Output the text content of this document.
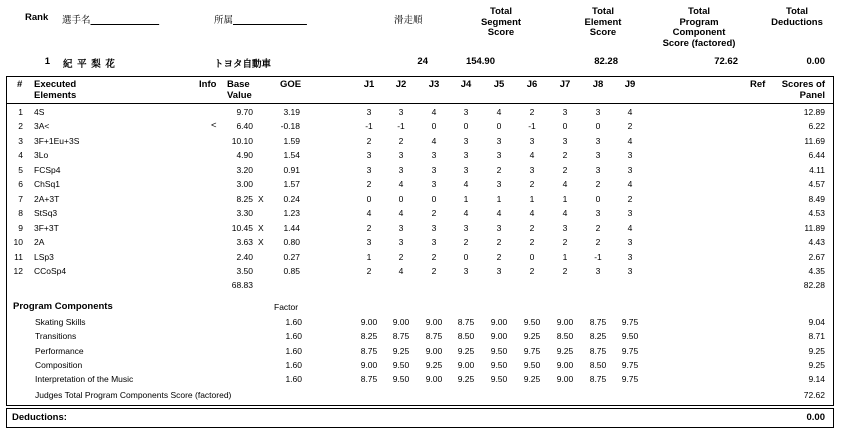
Rank 選手名	所属	滑走順
Total
Segment
Score
Total
Element
Score
Total
Program
Component
Score (factored)
Total
Deductions
1 紀 平 梨 花	トヨタ自動車	24	154.90	82.28	72.62	0.00
# Executed
Elements
Info Base
Value
GOE	J1	J2	J3	J4	J5	J6	J7	J8	J9	Ref	Scores of
Panel
1 4S	9.70	3.19	3	3	4	3	4	2	3	3	4	12.89
2 3A<	<	6.40	-0.18	-1	-1	0	0	0	-1	0	0	2	6.22
3 3F+1Eu+3S	10.10	1.59	2	2	4	3	3	3	3	3	4	11.69
4 3Lo	4.90	1.54	3	3	3	3	3	4	2	3	3	6.44
5 FCSp4	3.20	0.91	3	3	3	3	2	3	2	3	3	4.11
6 ChSq1	3.00	1.57	2	4	3	4	3	2	4	2	4	4.57
7 2A+3T	8.25 X	0.24	0	0	0	1	1	1	1	0	2	8.49
8 StSq3	3.30	1.23	4	4	2	4	4	4	4	3	3	4.53
9 3F+3T	10.45 X	1.44	2	3	3	3	3	2	3	2	4	11.89
10 2A	3.63 X	0.80	3	3	3	2	2	2	2	2	3	4.43
11 LSp3	2.40	0.27	1	2	2	0	2	0	1	-1	3	2.67
12 CCoSp4	3.50	0.85	2	4	2	3	3	2	2	3	3	4.35
68.83	82.28
Program Components	Factor
Skating Skills	1.60	9.00	9.00	9.00	8.75	9.00	9.50	9.00	8.75	9.75	9.04
Transitions	1.60	8.25	8.75	8.75	8.50	9.00	9.25	8.50	8.25	9.50	8.71
Performance	1.60	8.75	9.25	9.00	9.25	9.50	9.75	9.25	8.75	9.75	9.25
Composition	1.60	9.00	9.50	9.25	9.00	9.50	9.50	9.00	8.50	9.75	9.25
Interpretation of the Music	1.60	8.75	9.50	9.00	9.25	9.50	9.25	9.00	8.75	9.75	9.14
Judges Total Program Components Score (factored)	72.62
Deductions:	0.00
